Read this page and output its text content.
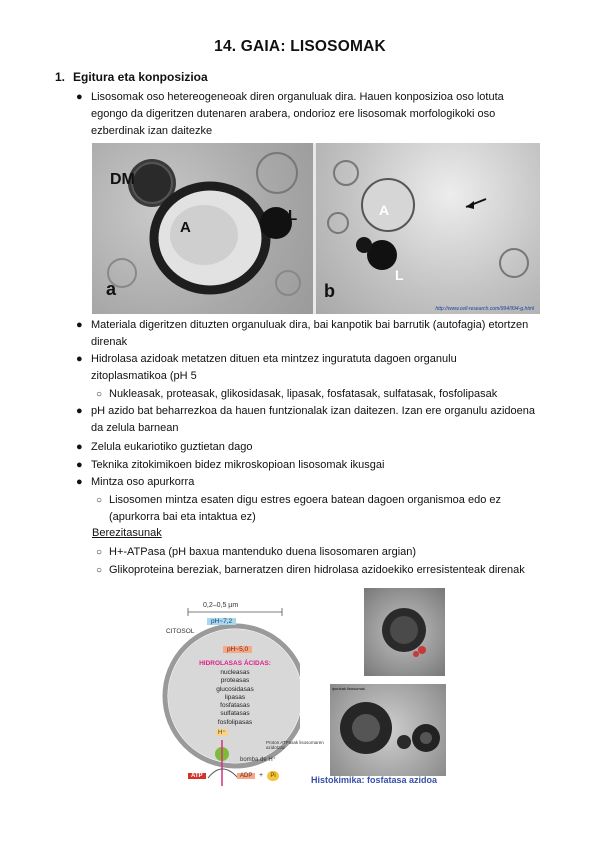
14. GAIA: LISOSOMAK
1. Egitura eta konposizioa
● Lisosomak oso hetereogeneoak diren organuluak dira. Hauen konposizioa oso lotuta
egongo da digeritzen dutenaren arabera, ondorioz ere lisosomak morfologikoki oso
ezberdinak izan daitezke
DM
A
L
a
A
L
b
http://www.cell-research.com/994/994-g.html
● Materiala digeritzen dituzten organuluak dira, bai kanpotik bai barrutik (autofagia) etortzen
direnak
● Hidrolasa azidoak metatzen dituen eta mintzez inguratuta dagoen organulu
zitoplasmatikoa (pH 5
○ Nukleasak, proteasak, glikosidasak, lipasak, fosfatasak, sulfatasak, fosfolipasak
● pH azido bat beharrezkoa da hauen funtzionalak izan daitezen. Izan ere organulu azidoena
da zelula barnean
● Zelula eukariotiko guztietan dago
● Teknika zitokimikoen bidez mikroskopioan lisosomak ikusgai
● Mintza oso apurkorra
○ Lisosomen mintza esaten digu estres egoera batean dagoen organismoa edo ez
(apurkorra bai eta intaktua ez)
Berezitasunak
○ H+-ATPasa (pH baxua mantenduko duena lisosomaren argian)
○ Glikoproteina bereziak, barneratzen diren hidrolasa azidoekiko erresistenteak direnak
0,2–0,5 µm
CITOSOL
pH~7,2
pH~5,0
HIDROLASAS ÁCIDAS:
nucleasas
proteasas
glucosidasas
lipasas
fosfatasas
sulfatasas
fosfolipasas
H⁺
bomba de H⁺
ATP	ADP +	Pi
Proton ATPasak lisosomaren azidotzaz
ipurtzak lisosomak
Histokimika: fosfatasa azidoa
